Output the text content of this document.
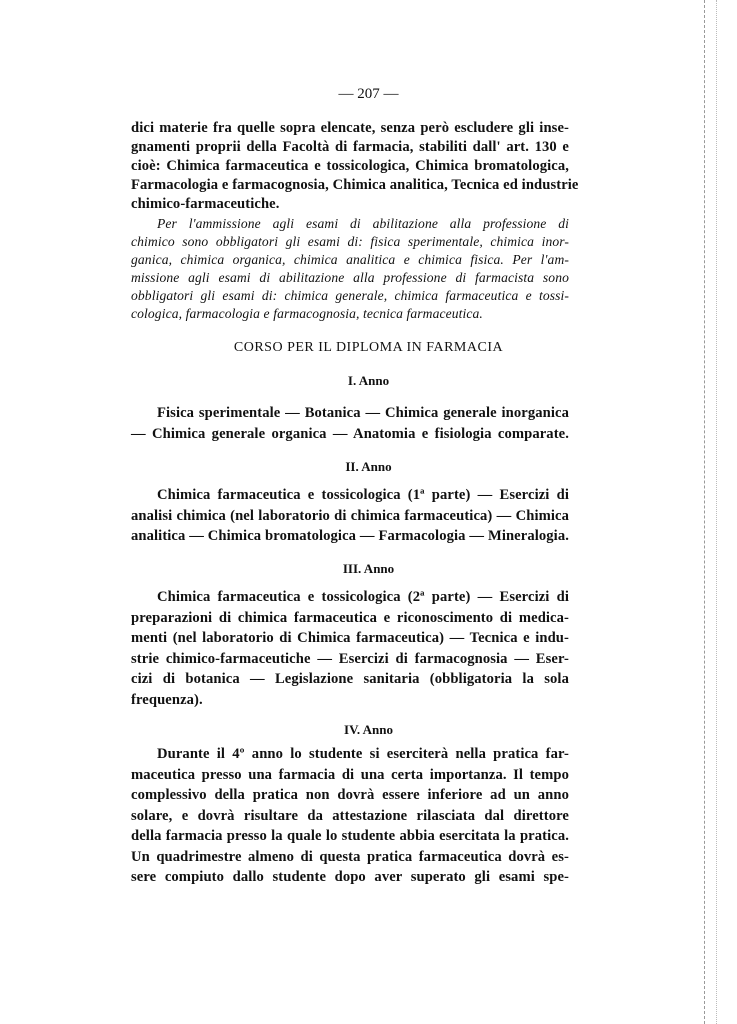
— 207 —
dici materie fra quelle sopra elencate, senza però escludere gli inse-
gnamenti proprii della Facoltà di farmacia, stabiliti dall' art. 130 e
cioè: Chimica farmaceutica e tossicologica, Chimica bromatologica,
Farmacologia e farmacognosia, Chimica analitica, Tecnica ed industrie
chimico-farmaceutiche.
Per l'ammissione agli esami di abilitazione alla professione di
chimico sono obbligatori gli esami di: fisica sperimentale, chimica inor-
ganica, chimica organica, chimica analitica e chimica fisica. Per l'am-
missione agli esami di abilitazione alla professione di farmacista sono
obbligatori gli esami di: chimica generale, chimica farmaceutica e tossi-
cologica, farmacologia e farmacognosia, tecnica farmaceutica.
CORSO PER IL DIPLOMA IN FARMACIA
I. Anno
Fisica sperimentale — Botanica — Chimica generale inorganica
— Chimica generale organica — Anatomia e fisiologia comparate.
II. Anno
Chimica farmaceutica e tossicologica (1ª parte) — Esercizi di
analisi chimica (nel laboratorio di chimica farmaceutica) — Chimica
analitica — Chimica bromatologica — Farmacologia — Mineralogia.
III. Anno
Chimica farmaceutica e tossicologica (2ª parte) — Esercizi di
preparazioni di chimica farmaceutica e riconoscimento di medica-
menti (nel laboratorio di Chimica farmaceutica) — Tecnica e indu-
strie chimico-farmaceutiche — Esercizi di farmacognosia — Eser-
cizi di botanica — Legislazione sanitaria (obbligatoria la sola
frequenza).
IV. Anno
Durante il 4º anno lo studente si eserciterà nella pratica far-
maceutica presso una farmacia di una certa importanza. Il tempo
complessivo della pratica non dovrà essere inferiore ad un anno
solare, e dovrà risultare da attestazione rilasciata dal direttore
della farmacia presso la quale lo studente abbia esercitata la pratica.
Un quadrimestre almeno di questa pratica farmaceutica dovrà es-
sere compiuto dallo studente dopo aver superato gli esami spe-
